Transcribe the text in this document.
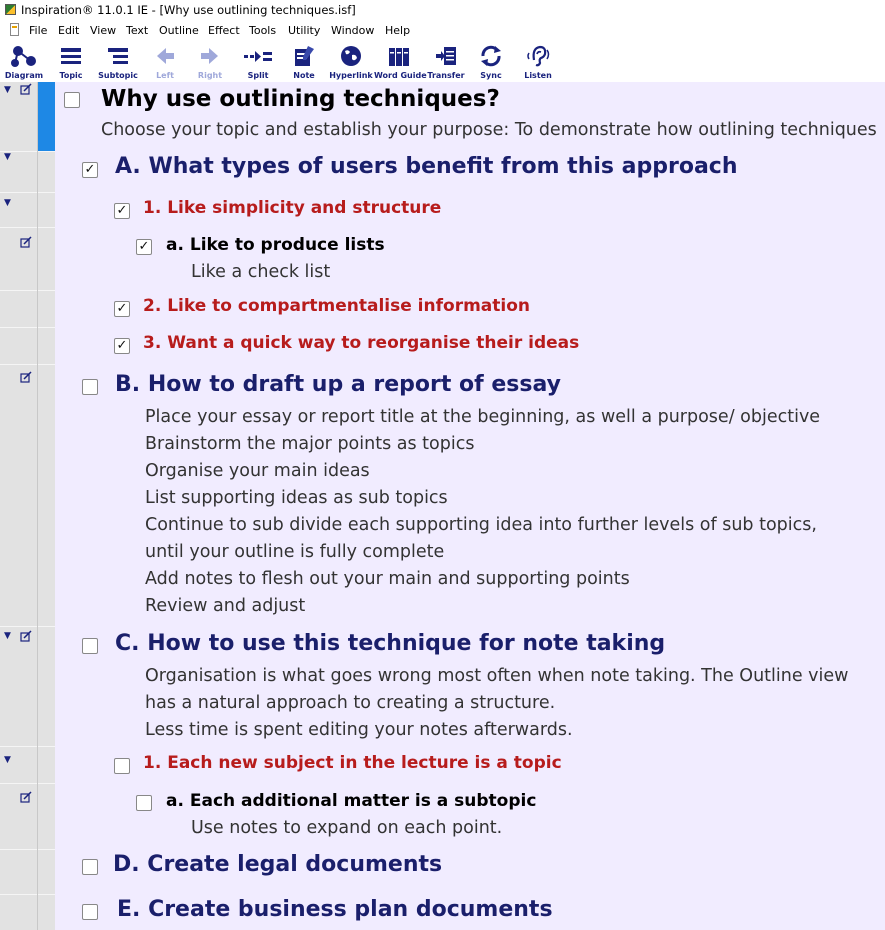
Inspiration® 11.0.1 IE - [Why use outlining techniques.isf]
File Edit View Text Outline Effect Tools Utility Window Help
Diagram	Topic	Subtopic	Left	Right	Split	Note	Hyperlink Word Guide Transfer	Sync	Listen
▼
▼
▼
▼
▼
Why use outlining techniques?
Choose your topic and establish your purpose: To demonstrate how outlining techniques
✓ A. What types of users benefit from this approach
✓ 1. Like simplicity and structure
✓ a. Like to produce lists
Like a check list
✓ 2. Like to compartmentalise information
✓ 3. Want a quick way to reorganise their ideas
B. How to draft up a report of essay
Place your essay or report title at the beginning, as well a purpose/ objective
Brainstorm the major points as topics
Organise your main ideas
List supporting ideas as sub topics
Continue to sub divide each supporting idea into further levels of sub topics,
until your outline is fully complete
Add notes to flesh out your main and supporting points
Review and adjust
C. How to use this technique for note taking
Organisation is what goes wrong most often when note taking. The Outline view
has a natural approach to creating a structure.
Less time is spent editing your notes afterwards.
1. Each new subject in the lecture is a topic
a. Each additional matter is a subtopic
Use notes to expand on each point.
D. Create legal documents
E. Create business plan documents
